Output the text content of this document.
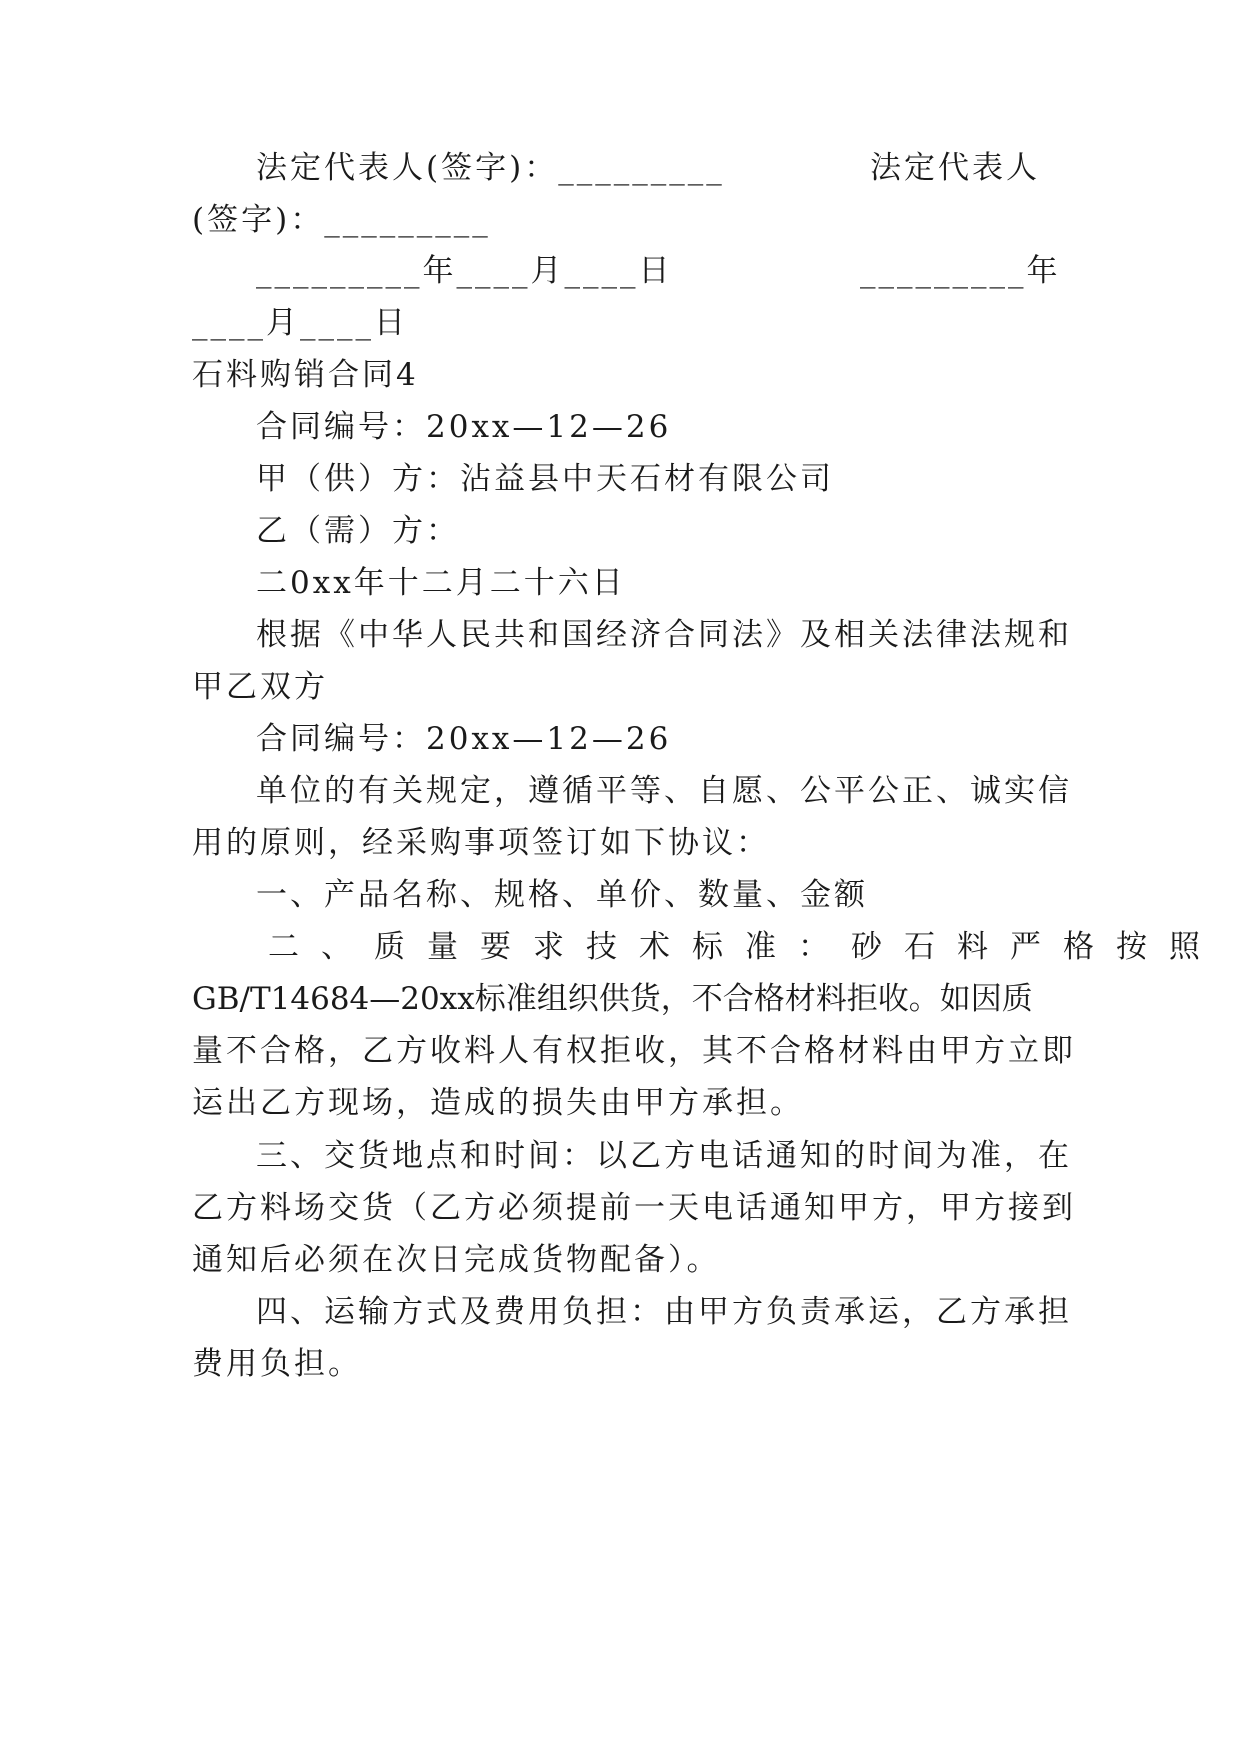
法定代表人(签字)：_________	法定代表人
(签字)：_________
_________年____月____日	_________年
____月____日
石料购销合同4
合同编号：20xx—12—26
甲（供）方：沾益县中天石材有限公司
乙（需）方：
二0xx年十二月二十六日
根据《中华人民共和国经济合同法》及相关法律法规和
甲乙双方
合同编号：20xx—12—26
单位的有关规定，遵循平等、自愿、公平公正、诚实信
用的原则，经采购事项签订如下协议：
一、产品名称、规格、单价、数量、金额
二、质量要求技术标准：砂石料严格按照
GB/T14684—20xx标准组织供货，不合格材料拒收。如因质
量不合格，乙方收料人有权拒收，其不合格材料由甲方立即
运出乙方现场，造成的损失由甲方承担。
三、交货地点和时间：以乙方电话通知的时间为准，在
乙方料场交货（乙方必须提前一天电话通知甲方，甲方接到
通知后必须在次日完成货物配备）。
四、运输方式及费用负担：由甲方负责承运，乙方承担
费用负担。
